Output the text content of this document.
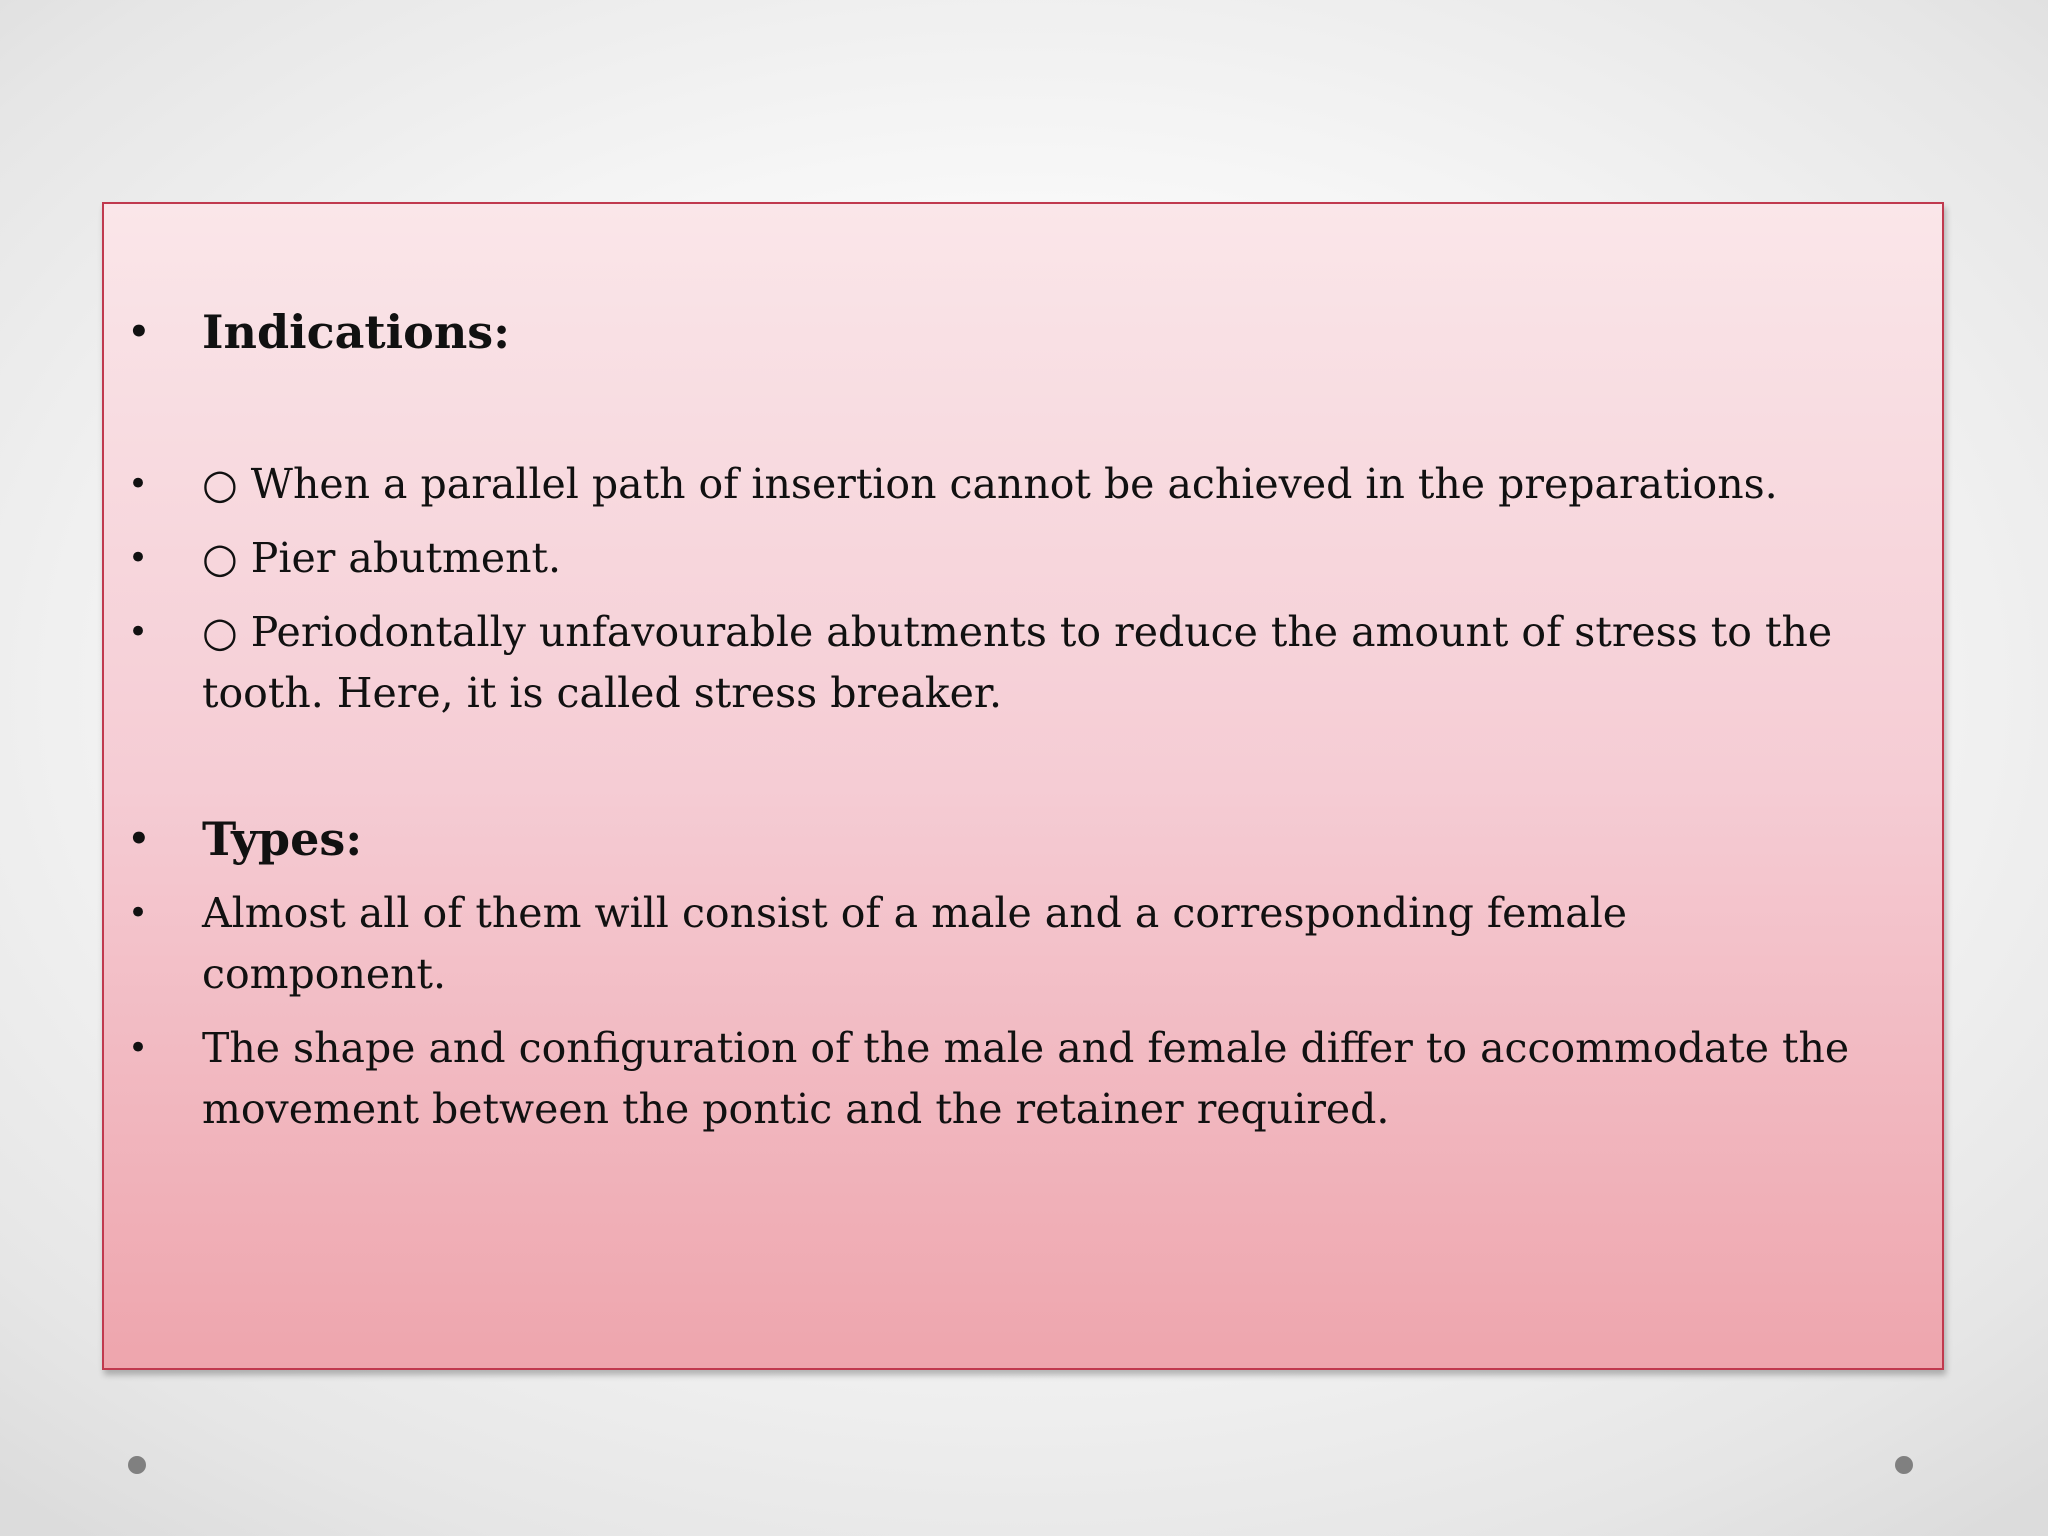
• Indications:
• ○ When a parallel path of insertion cannot be achieved in the preparations.
• ○ Pier abutment.
• ○ Periodontally unfavourable abutments to reduce the amount of stress to the
tooth. Here, it is called stress breaker.
• Types:
• Almost all of them will consist of a male and a corresponding female
component.
• The shape and configuration of the male and female differ to accommodate the
movement between the pontic and the retainer required.
